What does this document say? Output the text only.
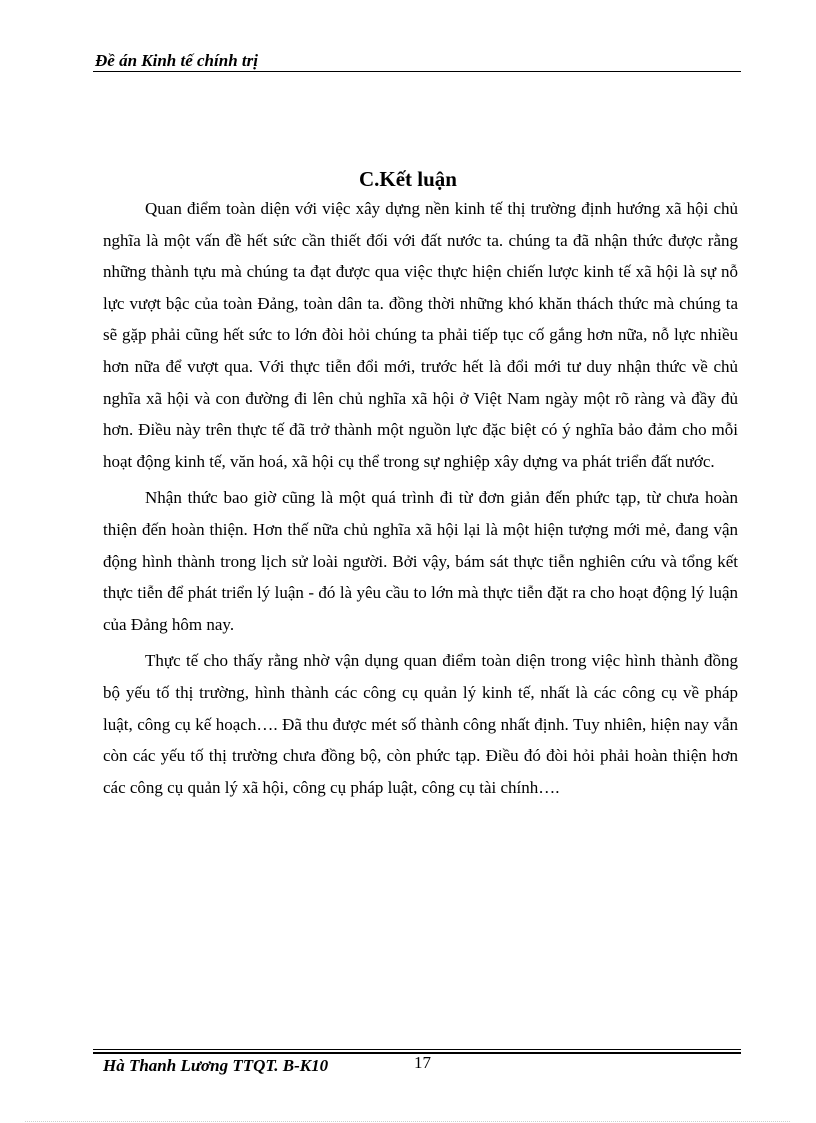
Đề án Kinh tế chính trị
C.Kết luận

Quan điểm toàn diện với việc xây dựng nền kinh tế thị trường định hướng xã hội chủ nghĩa là một vấn đề hết sức cần thiết đối với đất nước ta. chúng ta đã nhận thức được rằng những thành tựu mà chúng ta đạt được qua việc thực hiện chiến lược kinh tế xã hội là sự nỗ lực vượt bậc của toàn Đảng, toàn dân ta. đồng thời những khó khăn thách thức mà chúng ta sẽ gặp phải cũng hết sức to lớn đòi hỏi chúng ta phải tiếp tục cố gắng hơn nữa, nỗ lực nhiều hơn nữa để vượt qua. Với thực tiễn đổi mới, trước hết là đổi mới tư duy nhận thức về chủ nghĩa xã hội và con đường đi lên chủ nghĩa xã hội ở Việt Nam ngày một rõ ràng và đầy đủ hơn. Điều này trên thực tế đã trở thành một nguồn lực đặc biệt có ý nghĩa bảo đảm cho mỗi hoạt động kinh tế, văn hoá, xã hội cụ thể trong sự nghiệp xây dựng va phát triển đất nước.

Nhận thức bao giờ cũng là một quá trình đi từ đơn giản đến phức tạp, từ chưa hoàn thiện đến hoàn thiện. Hơn thế nữa chủ nghĩa xã hội lại là một hiện tượng mới mẻ, đang vận động hình thành trong lịch sử loài người. Bởi vậy, bám sát thực tiễn nghiên cứu và tổng kết thực tiễn để phát triển lý luận - đó là yêu cầu to lớn mà thực tiễn đặt ra cho hoạt động lý luận của Đảng hôm nay.

Thực tế cho thấy rằng nhờ vận dụng quan điểm toàn diện trong việc hình thành đồng bộ yếu tố thị trường, hình thành các công cụ quản lý kinh tế, nhất là các công cụ về pháp luật, công cụ kế hoạch…. Đã thu được mét số thành công nhất định. Tuy nhiên, hiện nay vẫn còn các yếu tố thị trường chưa đồng bộ, còn phức tạp. Điều đó đòi hỏi phải hoàn thiện hơn các công cụ quản lý xã hội, công cụ pháp luật, công cụ tài chính….

Hà Thanh Lương TTQT. B-K10	17
